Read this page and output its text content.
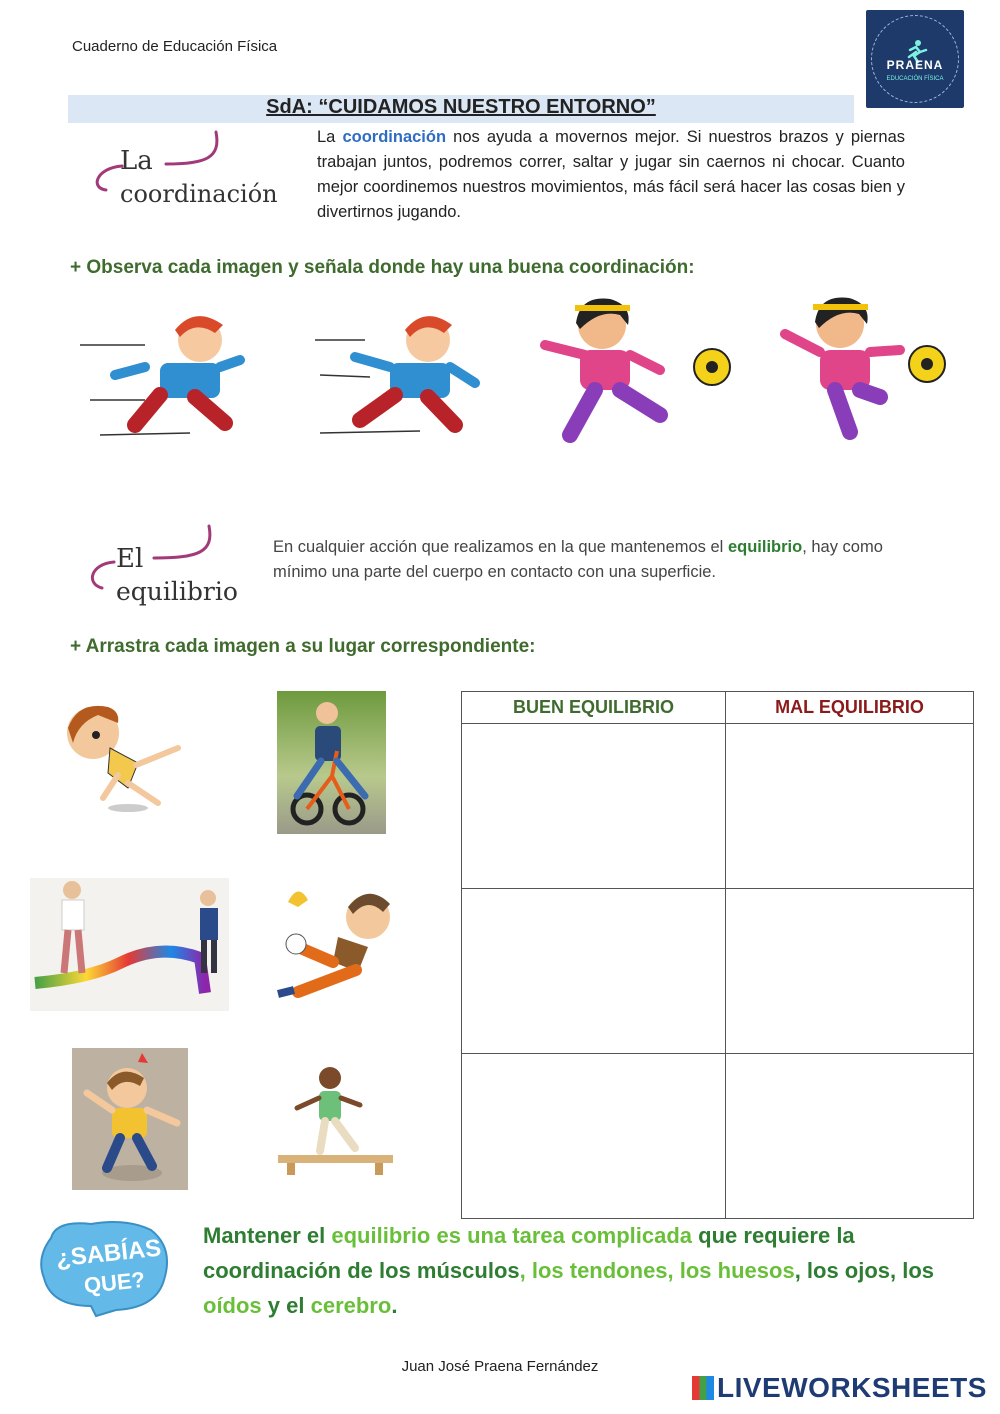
Cuaderno de Educación Física
PRAENA
EDUCACIÓN FÍSICA
SdA: “CUIDAMOS NUESTRO ENTORNO”
La
coordinación
La coordinación nos ayuda a movernos mejor. Si nuestros brazos y piernas trabajan juntos, podremos correr, saltar y jugar sin caernos ni chocar. Cuanto mejor coordinemos nuestros movimientos, más fácil será hacer las cosas bien y divertirnos jugando.
+ Observa cada imagen y señala donde hay una buena coordinación:
El
equilibrio
En cualquier acción que realizamos en la que mantenemos el equilibrio, hay como mínimo una parte del cuerpo en contacto con una superficie.
+ Arrastra cada imagen a su lugar correspondiente:
BUEN EQUILIBRIO	MAL EQUILIBRIO

¿SABÍAS
QUE?
Mantener el equilibrio es una tarea complicada que requiere la coordinación de los músculos, los tendones, los huesos, los ojos, los oídos y el cerebro.
Juan José Praena Fernández
LIVEWORKSHEETS
